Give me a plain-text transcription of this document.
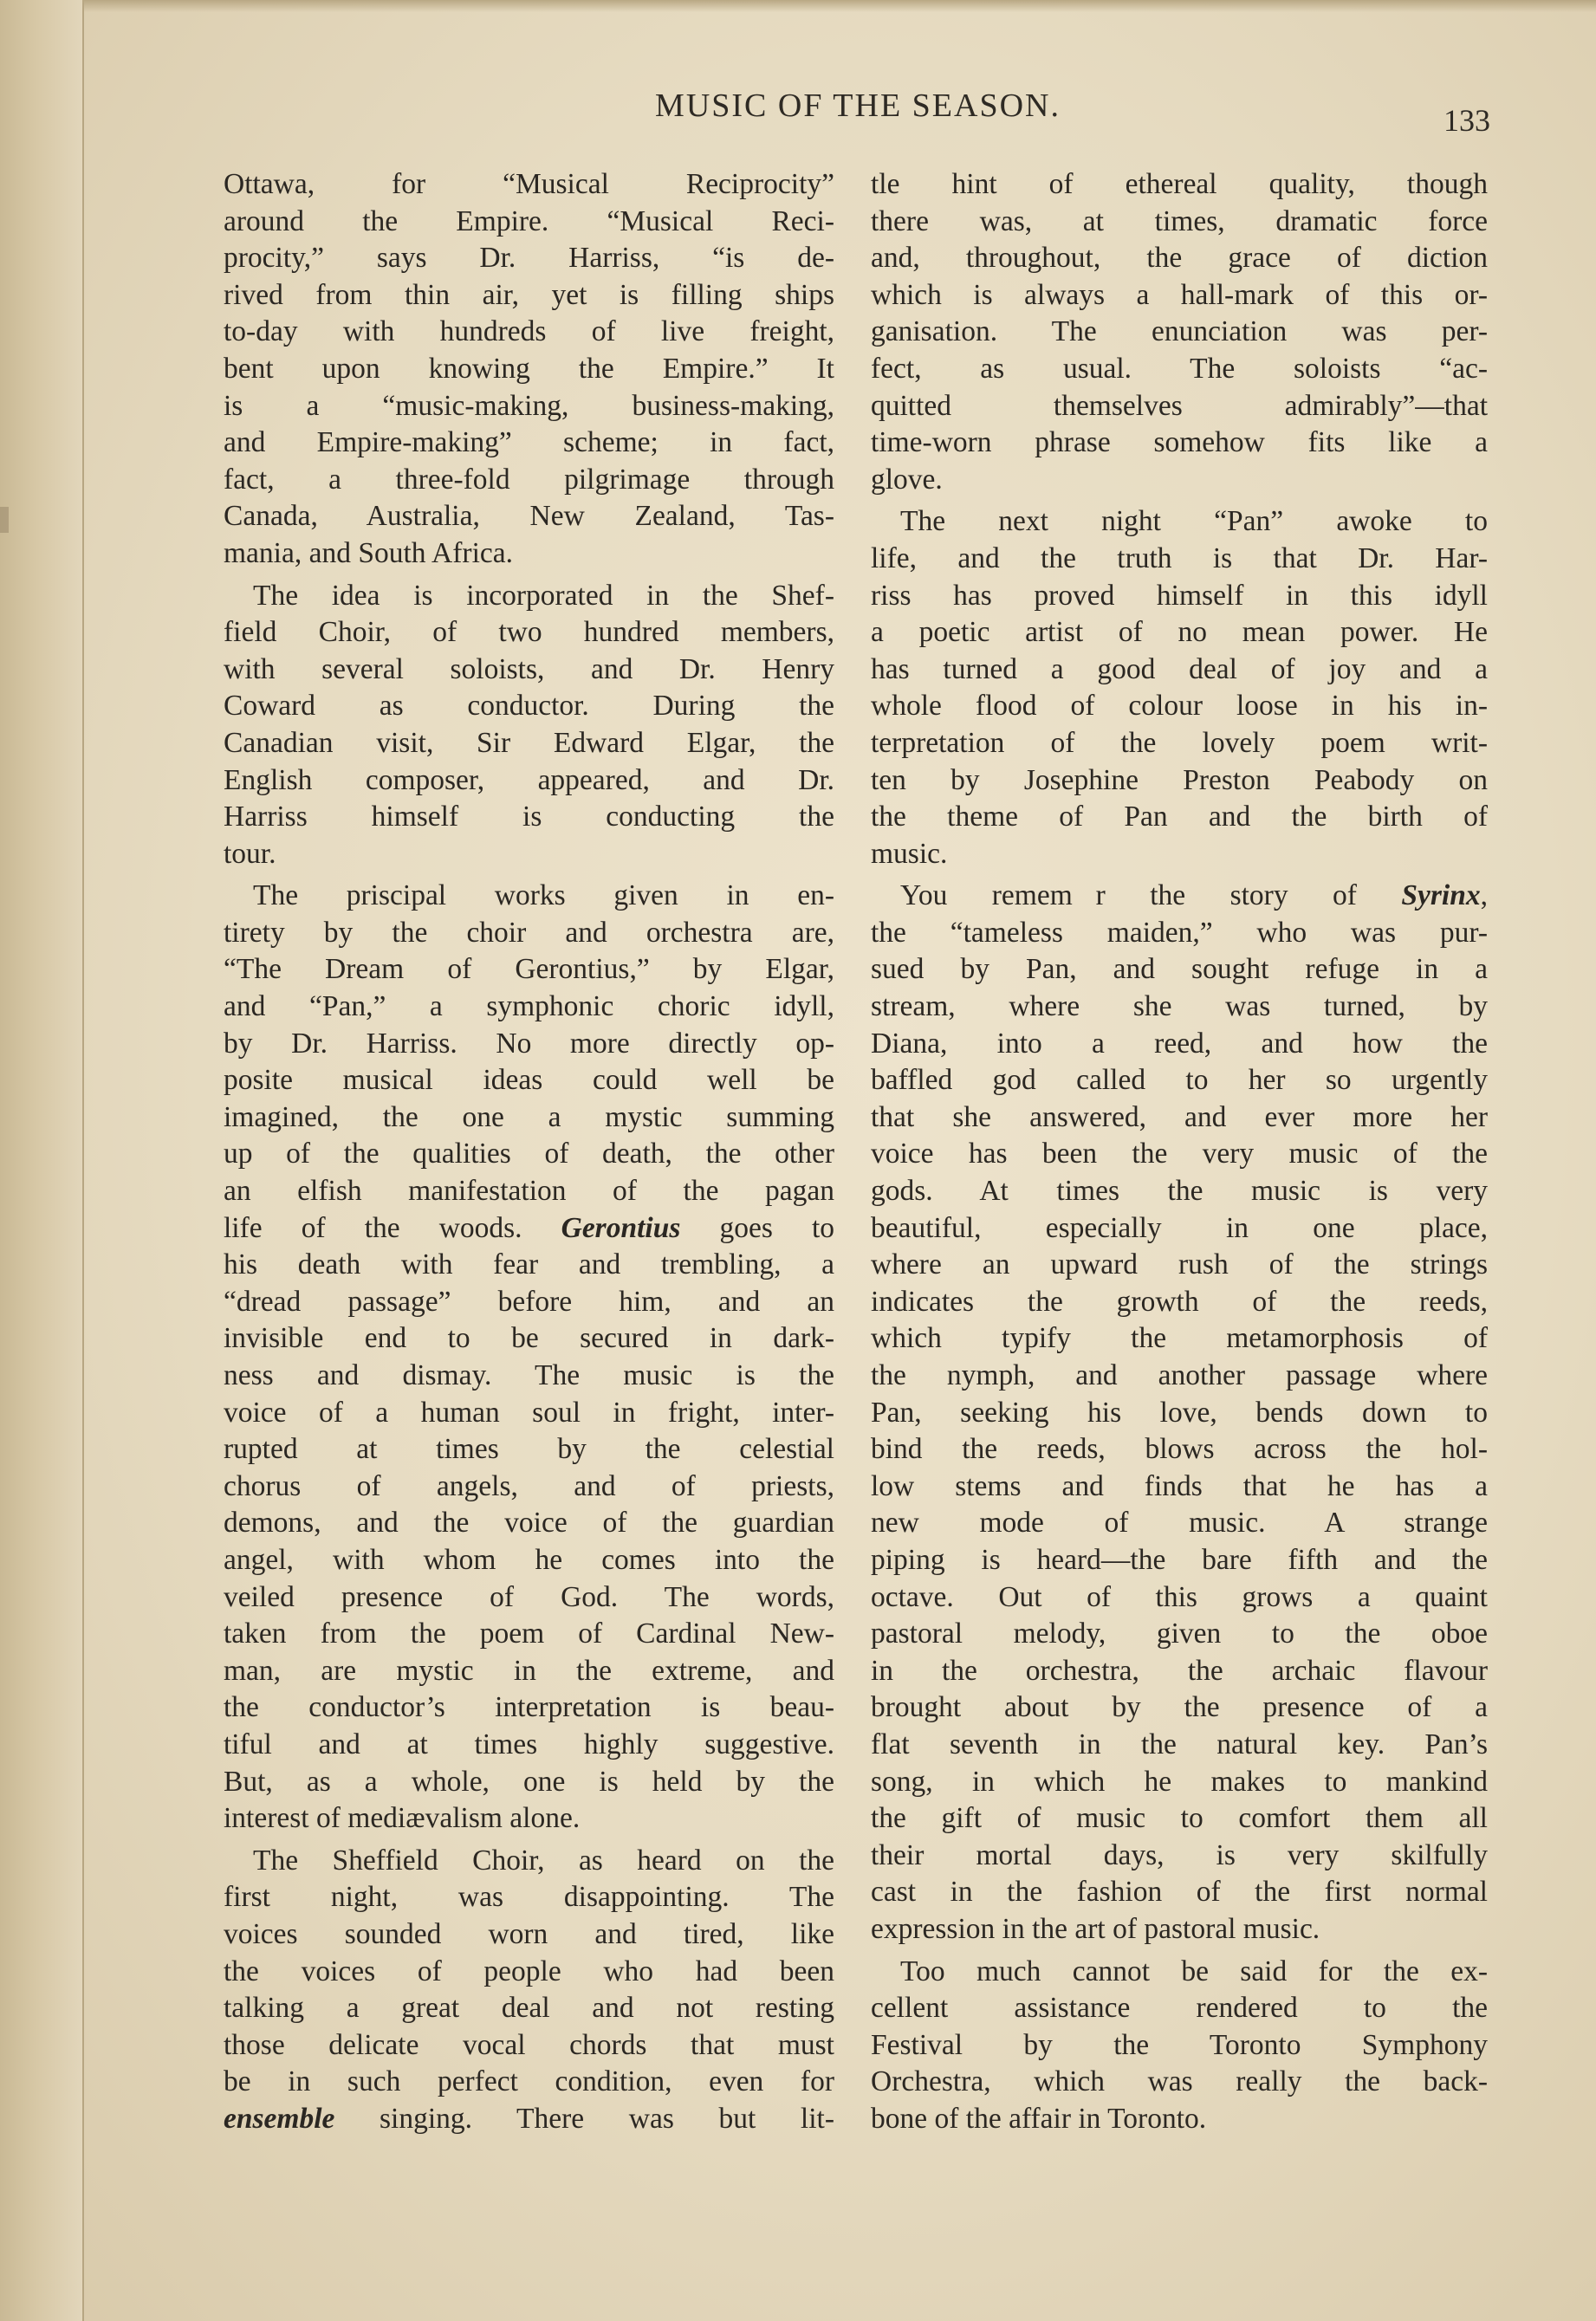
MUSIC OF THE SEASON.	133

Ottawa, for “Musical Reciprocity”
around the Empire. “Musical Reci-
procity,” says Dr. Harriss, “is de-
rived from thin air, yet is filling ships
to-day with hundreds of live freight,
bent upon knowing the Empire.” It
is a “music-making, business-making,
and Empire-making” scheme; in fact,
fact, a three-fold pilgrimage through
Canada, Australia, New Zealand, Tas-
mania, and South Africa.

The idea is incorporated in the Shef-
field Choir, of two hundred members,
with several soloists, and Dr. Henry
Coward as conductor. During the
Canadian visit, Sir Edward Elgar, the
English composer, appeared, and Dr.
Harriss himself is conducting the
tour.

The priscipal works given in en-
tirety by the choir and orchestra are,
“The Dream of Gerontius,” by Elgar,
and “Pan,” a symphonic choric idyll,
by Dr. Harriss. No more directly op-
posite musical ideas could well be
imagined, the one a mystic summing
up of the qualities of death, the other
an elfish manifestation of the pagan
life of the woods. Gerontius goes to
his death with fear and trembling, a
“dread passage” before him, and an
invisible end to be secured in dark-
ness and dismay. The music is the
voice of a human soul in fright, inter-
rupted at times by the celestial
chorus of angels, and of priests,
demons, and the voice of the guardian
angel, with whom he comes into the
veiled presence of God. The words,
taken from the poem of Cardinal New-
man, are mystic in the extreme, and
the conductor’s interpretation is beau-
tiful and at times highly suggestive.
But, as a whole, one is held by the
interest of mediævalism alone.

The Sheffield Choir, as heard on the
first night, was disappointing. The
voices sounded worn and tired, like
the voices of people who had been
talking a great deal and not resting
those delicate vocal chords that must
be in such perfect condition, even for
ensemble singing. There was but lit-

tle hint of ethereal quality, though
there was, at times, dramatic force
and, throughout, the grace of diction
which is always a hall-mark of this or-
ganisation. The enunciation was per-
fect, as usual. The soloists “ac-
quitted themselves admirably”—that
time-worn phrase somehow fits like a
glove.

The next night “Pan” awoke to
life, and the truth is that Dr. Har-
riss has proved himself in this idyll
a poetic artist of no mean power. He
has turned a good deal of joy and a
whole flood of colour loose in his in-
terpretation of the lovely poem writ-
ten by Josephine Preston Peabody on
the theme of Pan and the birth of
music.

You remem     r the story of Syrinx,
the “tameless maiden,” who was pur-
sued by Pan, and sought refuge in a
stream, where she was turned, by
Diana, into a reed, and how the
baffled god called to her so urgently
that she answered, and ever more her
voice has been the very music of the
gods. At times the music is very
beautiful, especially in one place,
where an upward rush of the strings
indicates the growth of the reeds,
which typify the metamorphosis of
the nymph, and another passage where
Pan, seeking his love, bends down to
bind the reeds, blows across the hol-
low stems and finds that he has a
new mode of music. A strange
piping is heard—the bare fifth and the
octave. Out of this grows a quaint
pastoral melody, given to the oboe
in the orchestra, the archaic flavour
brought about by the presence of a
flat seventh in the natural key. Pan’s
song, in which he makes to mankind
the gift of music to comfort them all
their mortal days, is very skilfully
cast in the fashion of the first normal
expression in the art of pastoral music.

Too much cannot be said for the ex-
cellent assistance rendered to the
Festival by the Toronto Symphony
Orchestra, which was really the back-
bone of the affair in Toronto.
